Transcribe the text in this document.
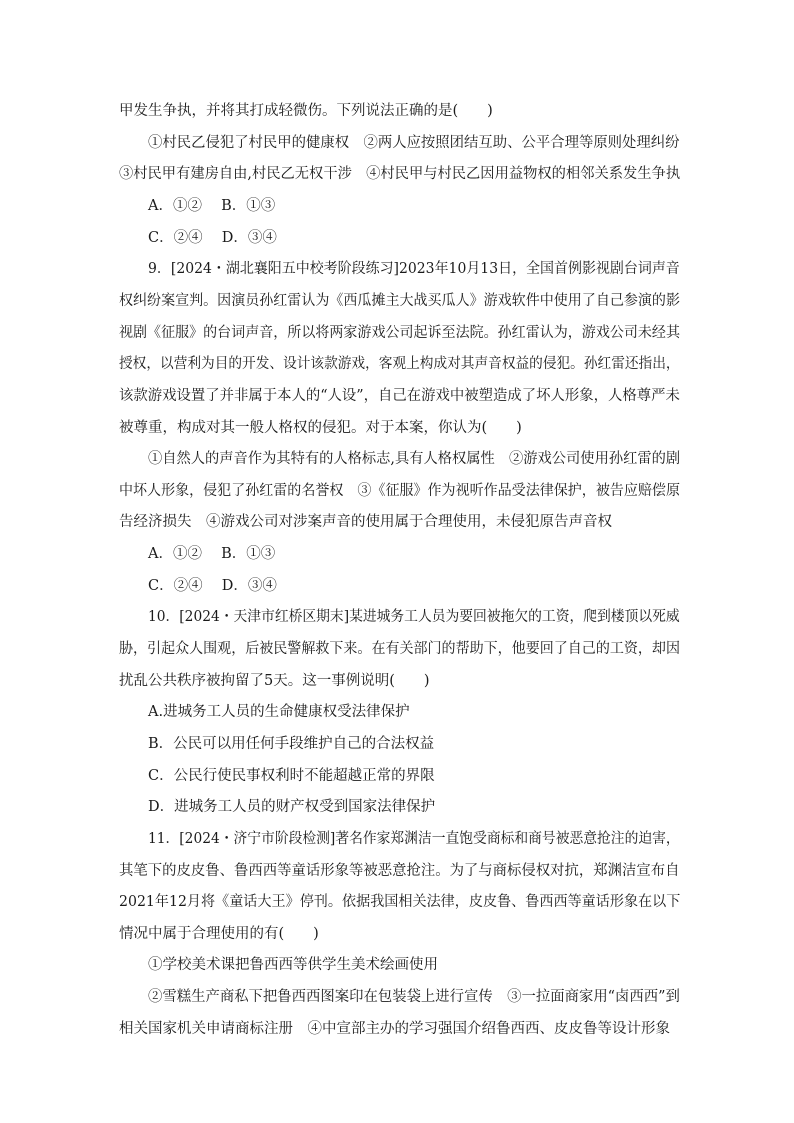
甲发生争执，并将其打成轻微伤。下列说法正确的是(　　)
①村民乙侵犯了村民甲的健康权　②两人应按照团结互助、公平合理等原则处理纠纷
③村民甲有建房自由,村民乙无权干涉　④村民甲与村民乙因用益物权的相邻关系发生争执
A．①②　 B．①③
C．②④　 D．③④
9．[2024・湖北襄阳五中校考阶段练习]2023年10月13日，全国首例影视剧台词声音
权纠纷案宣判。因演员孙红雷认为《西瓜摊主大战买瓜人》游戏软件中使用了自己参演的影
视剧《征服》的台词声音，所以将两家游戏公司起诉至法院。孙红雷认为，游戏公司未经其
授权，以营利为目的开发、设计该款游戏，客观上构成对其声音权益的侵犯。孙红雷还指出，
该款游戏设置了并非属于本人的“人设”，自己在游戏中被塑造成了坏人形象，人格尊严未
被尊重，构成对其一般人格权的侵犯。对于本案，你认为(　　)
①自然人的声音作为其特有的人格标志,具有人格权属性　②游戏公司使用孙红雷的剧
中坏人形象，侵犯了孙红雷的名誉权　③《征服》作为视听作品受法律保护，被告应赔偿原
告经济损失　④游戏公司对涉案声音的使用属于合理使用，未侵犯原告声音权
A．①②　 B．①③
C．②④　 D．③④
10．[2024・天津市红桥区期末]某进城务工人员为要回被拖欠的工资，爬到楼顶以死威
胁，引起众人围观，后被民警解救下来。在有关部门的帮助下，他要回了自己的工资，却因
扰乱公共秩序被拘留了5天。这一事例说明(　　)
A.进城务工人员的生命健康权受法律保护
B．公民可以用任何手段维护自己的合法权益
C．公民行使民事权利时不能超越正常的界限
D．进城务工人员的财产权受到国家法律保护
11．[2024・济宁市阶段检测]著名作家郑渊洁一直饱受商标和商号被恶意抢注的迫害，
其笔下的皮皮鲁、鲁西西等童话形象等被恶意抢注。为了与商标侵权对抗，郑渊洁宣布自
2021年12月将《童话大王》停刊。依据我国相关法律，皮皮鲁、鲁西西等童话形象在以下
情况中属于合理使用的有(　　)
①学校美术课把鲁西西等供学生美术绘画使用
②雪糕生产商私下把鲁西西图案印在包装袋上进行宣传　③一拉面商家用“卤西西”到
相关国家机关申请商标注册　④中宣部主办的学习强国介绍鲁西西、皮皮鲁等设计形象
